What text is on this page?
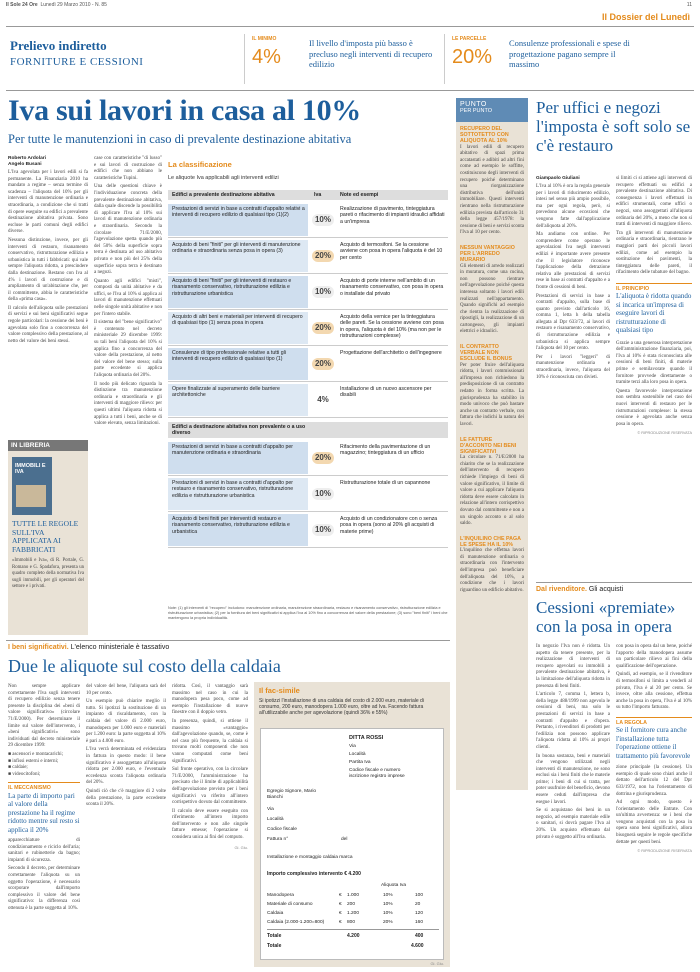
Il Sole 24 Ore Lunedì 29 Marzo 2010 - N. 85	11
Il Dossier del Lunedì
Prelievo indiretto
FORNITURE E CESSIONI
IL MINIMO
4%
Il livello d'imposta più basso è precluso negli interventi di recupero edilizio
LE PARCELLE
20%
Consulenze professionali e spese di progettazione pagano sempre il massimo
Iva sui lavori in casa al 10%
Per tutte le manutenzioni in caso di prevalente destinazione abitativa
Roberto Ardolari
Angelo Busani

L'Iva agevolata per i lavori edili si fa permanente. La Finanziaria 2010 ha mandato a regime – senza termine di scadenza – l'aliquota del 10% per gli interventi di manutenzione ordinaria e straordinaria, a condizione che si tratti di opere eseguite su edifici a prevalente destinazione abitativa privata. Sono escluse le parti comuni degli edifici diverse.

Nessuna distinzione, invece, per gli interventi di restauro, risanamento conservativo, ristrutturazione edilizia e urbanistica in tutti i fabbricati: qui vale sempre l'aliquota ridotta, a prescindere dalla destinazione. Restano con Iva al 4% i lavori di costruzione e di ampliamento di un'abitazione che, per il committente, abbia le caratteristiche della «prima casa».

Il calcolo dell'aliquota sulle prestazioni di servizi e sui beni significativi segue regole particolari: la cessione dei beni è agevolata solo fino a concorrenza del valore complessivo della prestazione, al netto del valore dei beni stessi.

IN LIBRERIA
IMMOBILI E IVA
TUTTE LE REGOLE SULL'IVA APPLICATA AI FABBRICATI
«Immobili e Iva», di R. Portale, G. Romano e G. Spadafora, presenta un quadro completo della normativa Iva sugli immobili, per gli operatori del settore e i privati.

case con caratteristiche "di lusso" e sui lavori di costruzione di edifici che non abbiano le caratteristiche Tupini.

Una delle questioni chiave è l'individuazione concreta della prevalente destinazione abitativa, dalla quale discende la possibilità di applicare l'Iva al 10% sui lavori di manutenzione ordinaria e straordinaria. Secondo la circolare 71/E/2000, l'agevolazione spetta quando più del 50% della superficie sopra terra è destinata ad uso abitativo privato e non più del 25% della superficie sopra terra è destinato a negozi.

Quanto agli edifici "misti", composti da unità abitative e da uffici, se l'Iva al 10% si applica ai lavori di manutenzione effettuati nelle singole unità abitative e non per l'intero stabile.

Il sistema del "bene significativo" è contenuto nel decreto ministeriale 29 dicembre 1999: su tali beni l'aliquota del 10% si applica fino a concorrenza del valore della prestazione, al netto del valore del bene stesso; sulla parte eccedente si applica l'aliquota ordinaria del 20%.

Il nodo più delicato riguarda la distinzione tra manutenzione ordinaria e straordinaria e gli interventi di maggiore rilievo: per questi ultimi l'aliquota ridotta si applica a tutti i beni, anche se di valore elevato, senza limitazioni.

La classificazione
Le aliquote Iva applicabili agli interventi edilizi
Edifici a prevalente destinazione abitativa	Iva	Note ed esempi
Prestazioni di servizi in base a contratti d'appalto relativi a interventi di recupero edilizio di qualsiasi tipo (1)(2)	10%
Realizzazione di pavimento, tinteggiatura pareti o rifacimento di impianti idraulici affidati a un'impresa
Acquisto di beni "finiti" per gli interventi di manutenzione ordinaria e straordinaria senza posa in opera (3)	20%
Acquisto di termosifoni. Se la cessione avviene con posa in opera l'aliquota è del 10 per cento
Acquisto di beni "finiti" per gli interventi di restauro e risanamento conservativo, ristrutturazione edilizia e ristrutturazione urbanistica	10%
Acquisto di porte interne nell'ambito di un risanamento conservativo, con posa in opera o installate dal privato
Acquisto di altri beni e materiali per interventi di recupero di qualsiasi tipo (1) senza posa in opera	20%
Acquisto della vernice per la tinteggiatura delle pareti. Se la cessione avviene con posa in opera, l'aliquota è del 10% (ma non per le ristrutturazioni complesse)
Consulenze di tipo professionale relative a tutti gli interventi di recupero edilizio di qualsiasi tipo (1)	20%
Progettazione dell'architetto o dell'ingegnere
Opere finalizzate al superamento delle barriere architettoniche	4%
Installazione di un nuovo ascensore per disabili
Edifici a destinazione abitativa non prevalente o a uso diverso
Prestazioni di servizi in base a contratti d'appalto per manutenzione ordinaria e straordinaria	20%
Rifacimento della pavimentazione di un magazzino; tinteggiatura di un ufficio
Prestazioni di servizi in base a contratti d'appalto per restauro e risanamento conservativo, ristrutturazione edilizia e ristrutturazione urbanistica	10%
Ristrutturazione totale di un capannone
Acquisto di beni finiti per interventi di restauro e risanamento conservativo, ristrutturazione edilizia e urbanistica	10%
Acquisto di un condizionatore con o senza posa in opera (sono al 20% gli acquisti di materie prime)
Note: (1) gli interventi di "recupero" includono: manutenzione ordinaria, manutenzione straordinaria, restauro e risanamento conservativo, ristrutturazione edilizia e ristrutturazione urbanistica; (2) per la fornitura dei beni significativi si applica l'Iva al 10% fino a concorrenza del valore della prestazione; (3) sono "beni finiti" i beni che mantengono la propria individualità.
PUNTO
PER PUNTO
RECUPERO DEL SOTTOTETTO CON ALIQUOTA AL 10%

I lavori edili di recupero abitativo di spazi prima accatastati e adibiti ad altri fini come ad esempio le soffitte, costituiscono degli interventi di recupero poiché determinano una riorganizzazione distributiva dell'unità immobiliare. Questi interventi rientrano nella ristrutturazione edilizia prevista dall'articolo 31 della legge 457/1978: la cessione di beni e servizi sconta l'Iva al 10 per cento.

NESSUN VANTAGGIO PER L'ARREDO MURARIO

Gli elementi di arredo realizzati in muratura, come una cucina, non possono rientrare nell'agevolazione poiché questa interessa soltanto i lavori edili realizzati nell'appartamento. Quando significhi ad esempio che rientra la realizzazione di ripostigli, la realizzazione di un cartongesso, gli impianti elettrici e idraulici.

IL CONTRATTO VERBALE NON ESCLUDE IL BONUS

Per poter fruire dell'aliquota ridotta, i lavori commissionati all'impresa non richiedono la predisposizione di un contratto redatto in forma scritta. La giurisprudenza ha stabilito in modo univoco che può bastare anche un contratto verbale, con fattura che indichi la natura dei lavori.

LE FATTURE D'ACCONTO NEI BENI SIGNIFICATIVI

La circolare n. 71/E/2000 ha chiarito che se la realizzazione dell'intervento di recupero richiede l'impiego di beni di valore significativo, il limite di valore a cui applicare l'aliquota ridotta deve essere calcolato in relazione all'intero corrispettivo dovuto dal committente e non a un singolo acconto o al solo saldo.

L'INQUILINO CHE PAGA LE SPESE HA IL 10%

L'inquilino che effettua lavori di manutenzione ordinaria o straordinaria con l'intervento dell'impresa può beneficiare dell'aliquota del 10%, a condizione che i lavori riguardino un edificio abitativo.

Per uffici e negozi l'imposta è soft solo se c'è restauro
Giampaolo Giuliani

L'Iva al 10% è ora la regola generale per i lavori di riducimento edilizio, intesi nel senso più ampio possibile, ma per ogni regola, però, si prevedono alcune eccezioni che vengono fatte dall'applicazione dell'aliquota al 20%.

Ma andiamo con ordine. Per comprendere come operano le agevolazioni Iva negli interventi edilizi è importante avere presente che il legislatore riconosce l'applicazione della detrazione relativa alle prestazioni di servizi rese in base ai contratti d'appalto e a fronte di cessioni di beni.

Prestazioni di servizi in base a contratti d'appalto, sulla base di quanto previsto dall'articolo 16, comma 1, letta h della tabella allegata al Dpr 633/72, ai lavori di restauro e risanamento conservativo, di ristrutturazione edilizia e urbanistica si applica sempre l'aliquota del 10 per cento.

Per i lavori "leggeri" di manutenzione ordinaria e straordinaria, invece, l'aliquota del 10% è riconosciuta con divieti.

si limiti ci si attiene agli interventi di recupero effettuati su edifici a prevalente destinazione abitativa. Di conseguenza i lavori effettuati in edifici strumentali, come uffici o negozi, sono assoggettati all'aliquota ordinaria del 20%, a meno che non si tratti di interventi di maggiore rilievo.

Tra gli interventi di manutenzione ordinaria e straordinaria, rientrano le maggiori parti dei piccoli lavori edilizi, come ad esempio la sostituzione dei pavimenti, la tinteggiatura delle pareti, il rifacimento delle tubature del bagno.

IL PRINCIPIO
L'aliquota è ridotta quando si incarica un'impresa di eseguire lavori di ristrutturazione di qualsiasi tipo

Grazie a una generosa interpretazione dell'amministrazione finanziaria, poi, l'Iva al 10% è stata riconosciuta alle cessioni di beni finiti, di materie prime e semilavorate quando il fornitore provvede direttamente o tramite terzi alla loro posa in opera.

Questa favorevole interpretazione non sembra sostenibile nel caso dei nuovi interventi di restauro per le ristrutturazioni complesse: la stessa cessione è agevolata anche senza posa in opera.

© RIPRODUZIONE RISERVATA
Dal rivenditore. Gli acquisti
Cessioni «premiate» con la posa in opera

In negozio l'Iva non è ridotta. Un aspetto da tenere presente, per la realizzazione di interventi di recupero agevolati su immobili a prevalente destinazione abitativa, è la limitazione dell'aliquota ridotta in presenza di beni finiti.

L'articolo 7, comma 1, lettera b, della legge 488/1999 non agevola le cessioni di beni, ma solo le prestazioni di servizi in base a contratti d'appalto e d'opera. Pertanto, i rivenditori di prodotti per l'edilizia non possono applicare l'aliquota ridotta al 10% ai propri clienti.

In buona sostanza, beni e materiali che vengono utilizzati negli interventi di manutenzione, ne sono esclusi sia i beni finiti che le materie prime; i beni di cui si tratta, per poter usufruire del beneficio, devono essere ceduti dall'impresa che esegue i lavori.

Se si acquistano dei beni in un negozio, ad esempio materiale edile o sanitari, si dovrà pagare l'Iva al 20%. Un acquisto effettuato dal privato è soggetto all'Iva ordinaria.

con posa in opera dal un bene, poiché l'apporto della manodopera assume un particolare rilievo ai fini della qualificazione dell'operazione.

Quindi, ad esempio, se il rivenditore di termosifoni si limita a venderli al privato, l'Iva è al 20 per cento. Se invece, oltre alla cessione, effettua anche la posa in opera, l'Iva è al 10% su tutto l'importo fatturato.

LA REGOLA
Se il fornitore cura anche l'installazione tutta l'operazione ottiene il trattamento più favorevole

zione principale (la cessione). Un esempio di quale sono chiari anche il dettato dell'articolo 12 del Dpr 633/1972, non ha l'orientamento di dottrina e giurisprudenza.

Ad ogni modo, questo è l'orientamento delle Entrate. Con un'ultima avvertenza: se i beni che vengono acquistati con la posa in opera sono beni significativi, allora bisognerà seguire le regole specifiche dettate per questi beni.

© RIPRODUZIONE RISERVATA
I beni significativi. L'elenco ministeriale è tassativo
Due le aliquote sul costo della caldaia

Non sempre applicare correttamente l'Iva sugli interventi di recupero edilizio senza tenere presente la disciplina dei «beni di valore significativo» (circolare 71/E/2000). Per determinare il limite sul valore dell'intervento, i «beni significativi» sono individuati dal decreto ministeriale 29 dicembre 1999:

■ ascensori e montacarichi;
■ infissi esterni e interni;
■ caldaie;
■ videocitofoni;
IL MECCANISMO
La parte di importo pari al valore della prestazione ha il regime ridotto mentre sul resto si applica il 20%

apparecchiature di condizionamento e riciclo dell'aria; sanitari e rubinetterie da bagno; impianti di sicurezza.

Secondo il decreto, per determinare correttamente l'aliquota su un oggetto l'operazione, è necessario scorporare dall'importo complessivo il valore del bene significativo: la differenza così ottenuta è la parte soggetta al 10%.

del valore del bene, l'aliquota sarà del 10 per cento.

Un esempio può chiarire meglio il tutto. Si ipotizzi la sostituzione di un impianto di riscaldamento, con la caldaia del valore di 2.000 euro, manodopera per 1.000 euro e materiali per 1.200 euro: la parte soggetta al 10% è pari a 4.000 euro.

L'Iva verrà determinata ed evidenziata in fattura in questo modo: il bene significativo è assoggettato all'aliquota ridotta per 2.000 euro, e l'eventuale eccedenza sconta l'aliquota ordinaria del 20%.

Quindi ciò che c'è maggiore di 2 volte della prestazione, la parte eccedente sconta il 20%.

ridotta. Così, il vantaggio sarà massimo nel caso in cui la manodopera pesa poco, come ad esempio l'installazione di nuove finestre con il doppio vetro.

In presenza, quindi, si ottiene il massimo «vantaggio» dall'agevolazione quando, se, come è nel caso più frequente, la caldaia si trovano molti componenti che non vanno computati come beni significativi.

Sul fronte operativo, con la circolare 71/E/2000, l'amministrazione ha precisato che il limite di applicabilità dell'agevolazione previsto per i beni significativi va riferito all'intero corrispettivo dovuto dal committente.

Il calcolo deve essere eseguito con riferimento all'intero importo dell'intervento e non alle singole fatture emesse; l'operazione si considera unica ai fini del computo.

Gi. Giu.
Il fac-simile
Si ipotizzi l'installazione di una caldaia del costo di 2.000 euro, materiale di consumo, 200 euro, manodopera 1.000 euro, oltre ad Iva. Facendo fattura all'utilizzabile anche per agevolazione (quindi 36% e 55%)
DITTA ROSSI
Via
Località
Partita Iva
Codice fiscale e numero iscrizione registro imprese
Egregio Signore, Mario Bianchi
Via
Località
Codice fiscale
Fattura n°	del
Installazione e montaggio caldaia marca
Importo complessivo intervento € 4.200
Aliquota Iva
Manodopera	€ 1.000	10%	100
Materiale di consumo	€ 200	10%	20
Caldaia	€ 1.200	10%	120
Caldaia (2.000-1.200=800)	€ 800	20%	160
Totale	4.200	400
Totale	4.600
Gi. Giu.
